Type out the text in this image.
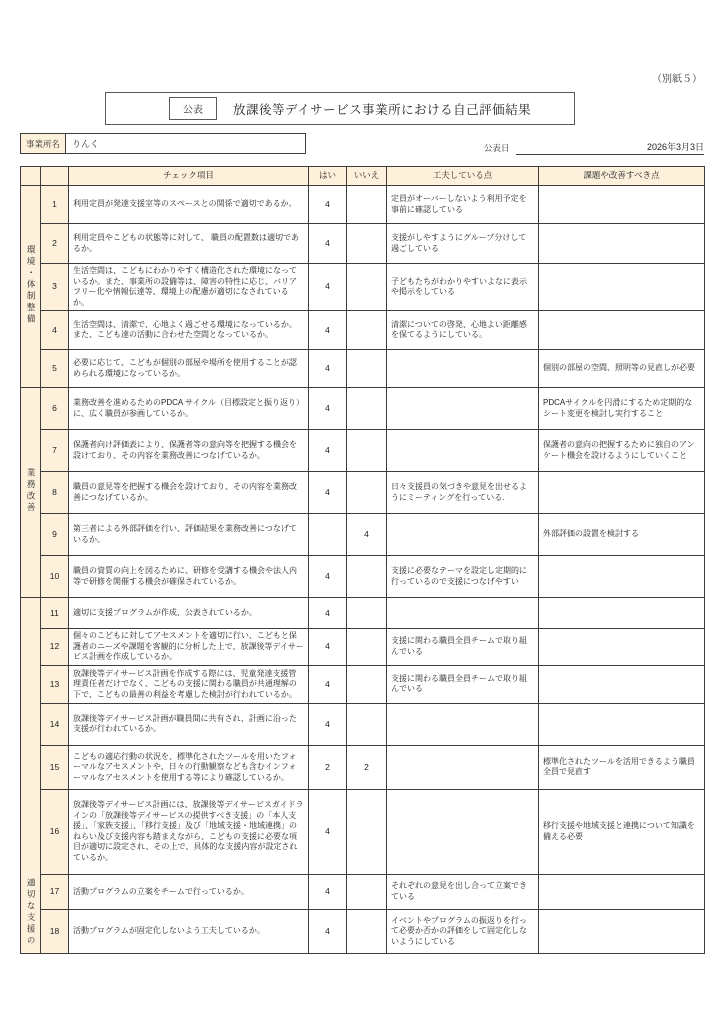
（別紙５）
公表	放課後等デイサービス事業所における自己評価結果
事業所名	りんく	公表日	2026年3月3日
		チェック項目	はい	いいえ	工夫している点	課題や改善すべき点
環境・体制整備	1	利用定員が発達支援室等のスペースとの関係で適切であるか。	4		定員がオーバーしないよう利用予定を事前に確認している	
	2	利用定員やこどもの状態等に対して、 職員の配置数は適切であるか。	4		支援がしやすようにグループ分けして過ごしている	
	3	生活空間は、こどもにわかりやすく構造化された環境になっているか。また、事業所の設備等は、障害の特性に応じ、バリアフリー化や情報伝達等、環境上の配慮が適切になされているか。	4		子どもたちがわかりやすいよなに表示や掲示をしている	
	4	生活空間は、清潔で、心地よく過ごせる環境になっているか。また、こども達の活動に合わせた空間となっているか。	4		清潔についての啓発、心地よい距離感を保てるようにしている。	
	5	必要に応じて、こどもが個別の部屋や場所を使用することが認められる環境になっているか。	4			個別の部屋の空間、照明等の見直しが必要
業務改善	6	業務改善を進めるためのPDCA サイクル（目標設定と振り返り）に、広く職員が参画しているか。	4			PDCAサイクルを円滑にするため定期的なシート変更を検討し実行すること
	7	保護者向け評価表により、保護者等の意向等を把握する機会を設けており、その内容を業務改善につなげているか。	4			保護者の意向の把握するために独自のアンケート機会を設けるようにしていくこと
	8	職員の意見等を把握する機会を設けており、その内容を業務改善につなげているか。	4		日々支援員の気づきや意見を出せるようにミーティングを行っている.	
	9	第三者による外部評価を行い、評価結果を業務改善につなげているか。		4		外部評価の設置を検討する
	10	職員の資質の向上を図るために、研修を受講する機会や法人内等で研修を開催する機会が確保されているか。	4		支援に必要なテーマを設定し定期的に行っているので支援につなげやすい	
適切な支援の	11	適切に支援プログラムが作成、公表されているか。	4			
	12	個々のこどもに対してアセスメントを適切に行い、こどもと保護者のニーズや課題を客観的に分析した上で、放課後等デイサービス計画を作成しているか。	4		支援に関わる職員全員チームで取り組んでいる	
	13	放課後等デイサービス計画を作成する際には、児童発達支援管理責任者だけでなく、こどもの支援に関わる職員が共通理解の下で、こどもの最善の利益を考慮した検討が行われているか。	4		支援に関わる職員全員チームで取り組んでいる	
	14	放課後等デイサービス計画が職員間に共有され、計画に沿った支援が行われているか。	4			
	15	こどもの適応行動の状況を、標準化されたツールを用いたフォーマルなアセスメントや、日々の行動観察なども含むインフォーマルなアセスメントを使用する等により確認しているか。	2	2		標準化されたツールを活用できるよう職員全員で見直す
	16	放課後等デイサービス計画には、放課後等デイサービスガイドラインの「放課後等デイサービスの提供すべき支援」の「本人支援」、「家族支援」、「移行支援」及び「地域支援・地域連携」のねらい及び支援内容も踏まえながら、こどもの支援に必要な項目が適切に設定され、その上で、具体的な支援内容が設定されているか。	4			移行支援や地域支援と連携について知識を備える必要
	17	活動プログラムの立案をチームで行っているか。	4		それぞれの意見を出し合って立案できている	
	18	活動プログラムが固定化しないよう工夫しているか。	4		イベントやプログラムの振返りを行って必要か否かの評価をして固定化しないようにしている	
